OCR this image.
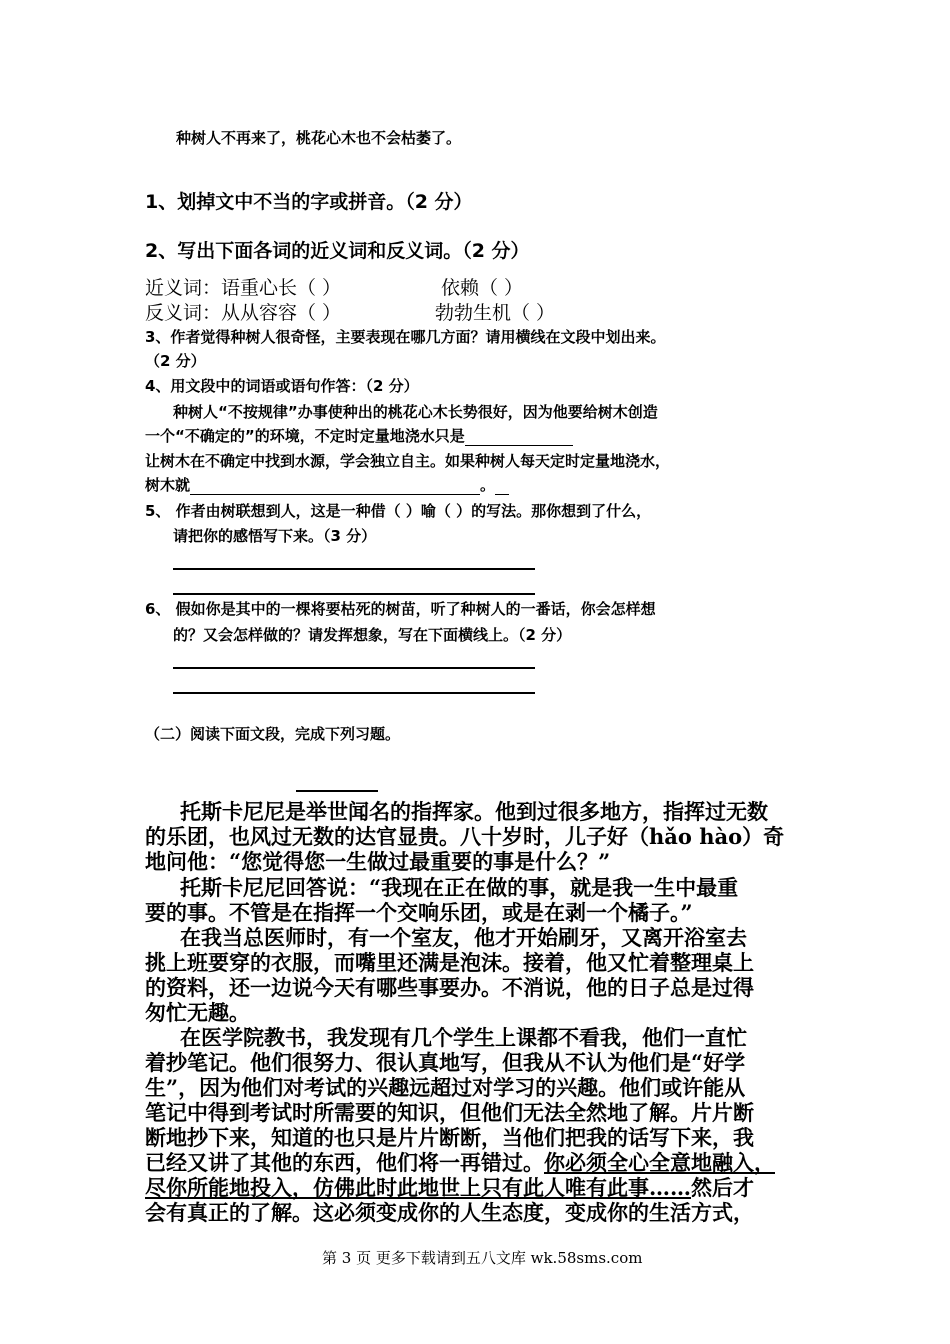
种树人不再来了，桃花心木也不会枯萎了。
1、划掉文中不当的字或拼音。（2 分）
2、写出下面各词的近义词和反义词。（2 分）
近义词：语重心长（ ）	依赖（ ）
反义词：从从容容（ ）	勃勃生机（ ）
3、作者觉得种树人很奇怪，主要表现在哪几方面？请用横线在文段中划出来。
（2 分）
4、用文段中的词语或语句作答：（2 分）
种树人“不按规律”办事使种出的桃花心木长势很好，因为他要给树木创造
一个“不确定的”的环境，不定时定量地浇水只是
让树木在不确定中找到水源，学会独立自主。如果种树人每天定时定量地浇水，
树木就	。
5、 作者由树联想到人，这是一种借（ ）喻（ ）的写法。那你想到了什么，
请把你的感悟写下来。（3 分）
6、 假如你是其中的一棵将要枯死的树苗，听了种树人的一番话，你会怎样想
的？又会怎样做的？请发挥想象，写在下面横线上。（2 分）
（二）阅读下面文段，完成下列习题。
托斯卡尼尼是举世闻名的指挥家。他到过很多地方，指挥过无数
的乐团，也风过无数的达官显贵。八十岁时，儿子好（hǎo hào）奇
地问他：“您觉得您一生做过最重要的事是什么？”
托斯卡尼尼回答说：“我现在正在做的事，就是我一生中最重
要的事。不管是在指挥一个交响乐团，或是在剥一个橘子。”
在我当总医师时，有一个室友，他才开始刷牙，又离开浴室去
挑上班要穿的衣服，而嘴里还满是泡沫。接着，他又忙着整理桌上
的资料，还一边说今天有哪些事要办。不消说，他的日子总是过得
匆忙无趣。
在医学院教书，我发现有几个学生上课都不看我，他们一直忙
着抄笔记。他们很努力、很认真地写，但我从不认为他们是“好学
生”，因为他们对考试的兴趣远超过对学习的兴趣。他们或许能从
笔记中得到考试时所需要的知识，但他们无法全然地了解。片片断
断地抄下来，知道的也只是片片断断，当他们把我的话写下来，我
已经又讲了其他的东西，他们将一再错过。你必须全心全意地融入，
尽你所能地投入，仿佛此时此地世上只有此人唯有此事……然后才
会有真正的了解。这必须变成你的人生态度，变成你的生活方式，
第 3 页 更多下载请到五八文库 wk.58sms.com
